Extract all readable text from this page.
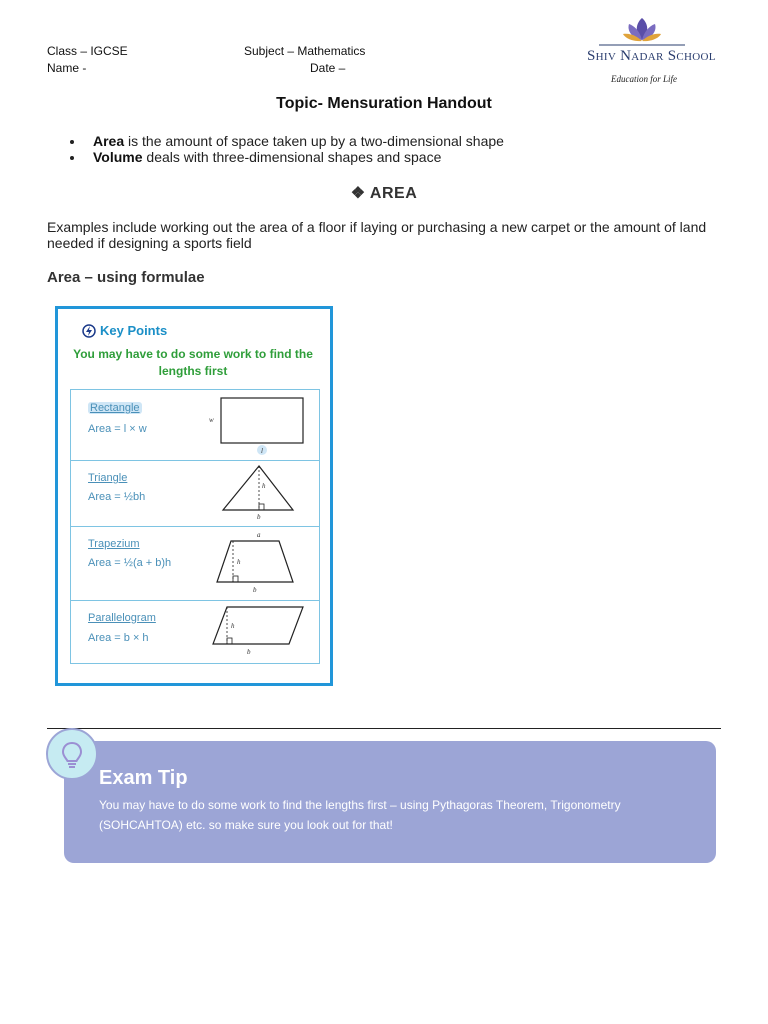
Class – IGCSE
Name -
Subject – Mathematics
Date –
Shiv Nadar School
Education for Life
Topic- Mensuration Handout
Area is the amount of space taken up by a two-dimensional shape
Volume deals with three-dimensional shapes and space
❖ AREA
Examples include working out the area of a floor if laying or purchasing a new carpet or the amount of land needed if designing a sports field
Area – using formulae
Key Points
You may have to do some work to find the lengths first
Rectangle
Area = l × w
w
l
Triangle
Area = ½bh
h
b
Trapezium
Area = ½(a + b)h
a
h
b
Parallelogram
Area = b × h
h
b
Exam Tip
You may have to do some work to find the lengths first – using Pythagoras Theorem, Trigonometry (SOHCAHTOA) etc. so make sure you look out for that!
